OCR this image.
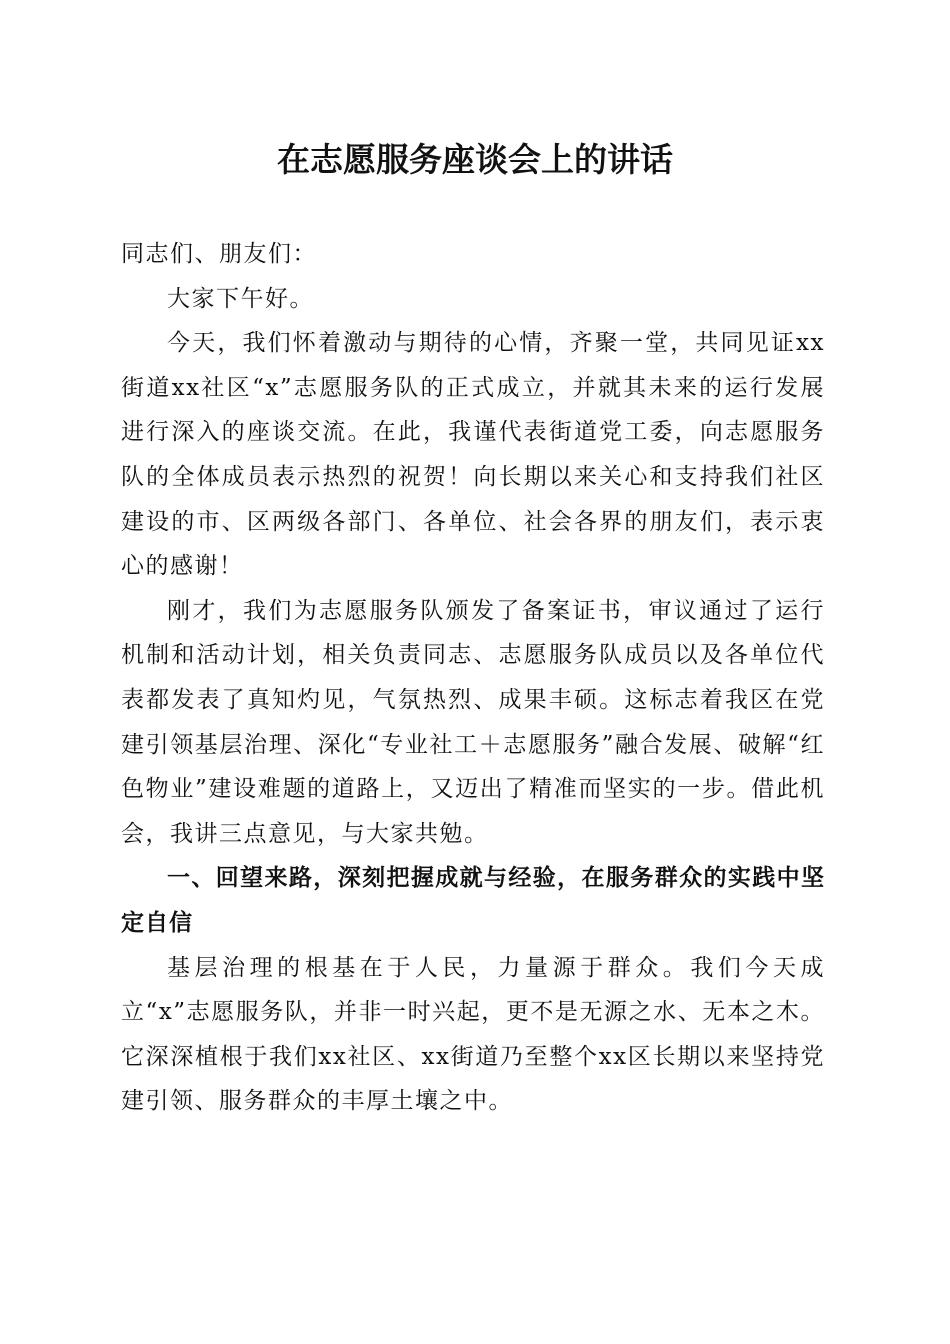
在志愿服务座谈会上的讲话

同志们、朋友们：

大家下午好。

今天，我们怀着激动与期待的心情，齐聚一堂，共同见证xx街道xx社区“x”志愿服务队的正式成立，并就其未来的运行发展进行深入的座谈交流。在此，我谨代表街道党工委，向志愿服务队的全体成员表示热烈的祝贺！向长期以来关心和支持我们社区建设的市、区两级各部门、各单位、社会各界的朋友们，表示衷心的感谢！

刚才，我们为志愿服务队颁发了备案证书，审议通过了运行机制和活动计划，相关负责同志、志愿服务队成员以及各单位代表都发表了真知灼见，气氛热烈、成果丰硕。这标志着我区在党建引领基层治理、深化“专业社工＋志愿服务”融合发展、破解“红色物业”建设难题的道路上，又迈出了精准而坚实的一步。借此机会，我讲三点意见，与大家共勉。

一、回望来路，深刻把握成就与经验，在服务群众的实践中坚定自信

基层治理的根基在于人民，力量源于群众。我们今天成立“x”志愿服务队，并非一时兴起，更不是无源之水、无本之木。它深深植根于我们xx社区、xx街道乃至整个xx区长期以来坚持党建引领、服务群众的丰厚土壤之中。
